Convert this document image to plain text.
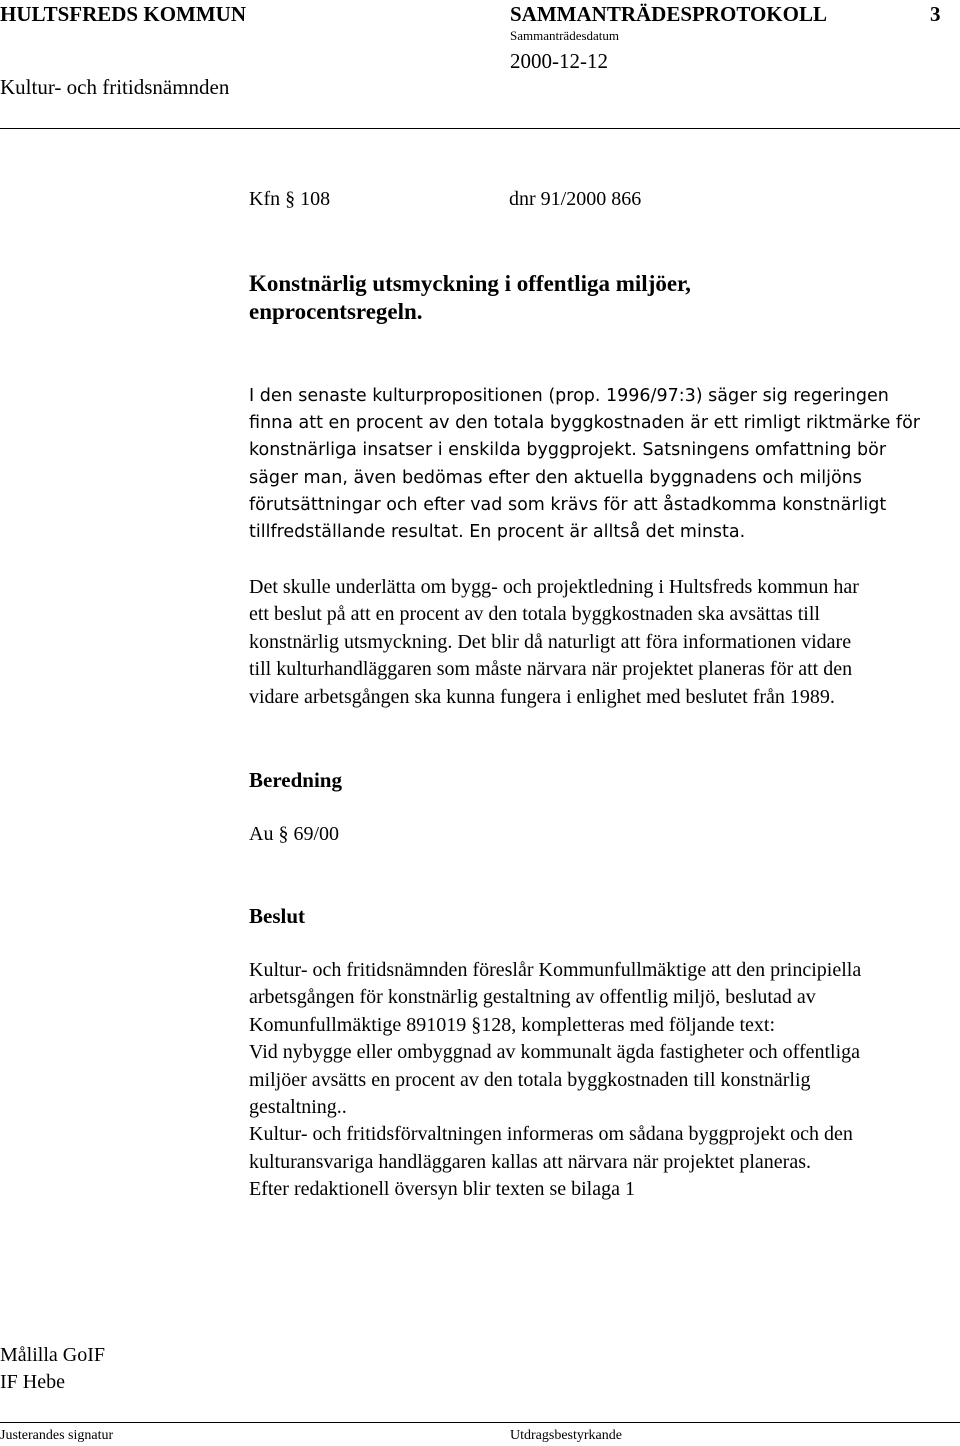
HULTSFREDS KOMMUN	SAMMANTRÄDESPROTOKOLL	3
Sammanträdesdatum
2000-12-12
Kultur- och fritidsnämnden
Kfn § 108	dnr 91/2000 866
Konstnärlig utsmyckning i offentliga miljöer,
enprocentsregeln.
I den senaste kulturpropositionen (prop. 1996/97:3) säger sig regeringen
finna att en procent av den totala byggkostnaden är ett rimligt riktmärke för
konstnärliga insatser i enskilda byggprojekt. Satsningens omfattning bör
säger man, även bedömas efter den aktuella byggnadens och miljöns
förutsättningar och efter vad som krävs för att åstadkomma konstnärligt
tillfredställande resultat. En procent är alltså det minsta.
Det skulle underlätta om bygg- och projektledning i Hultsfreds kommun har
ett beslut på att en procent av den totala byggkostnaden ska avsättas till
konstnärlig utsmyckning. Det blir då naturligt att föra informationen vidare
till kulturhandläggaren som måste närvara när projektet planeras för att den
vidare arbetsgången ska kunna fungera i enlighet med beslutet från 1989.
Beredning
Au § 69/00
Beslut
Kultur- och fritidsnämnden föreslår Kommunfullmäktige att den principiella
arbetsgången för konstnärlig gestaltning av offentlig miljö, beslutad av
Komunfullmäktige 891019 §128, kompletteras med följande text:
Vid nybygge eller ombyggnad av kommunalt ägda fastigheter och offentliga
miljöer avsätts en procent av den totala byggkostnaden till konstnärlig
gestaltning..
Kultur- och fritidsförvaltningen informeras om sådana byggprojekt och den
kulturansvariga handläggaren kallas att närvara när projektet planeras.
Efter redaktionell översyn blir texten se bilaga 1
Målilla GoIF
IF Hebe
Justerandes signatur	Utdragsbestyrkande
